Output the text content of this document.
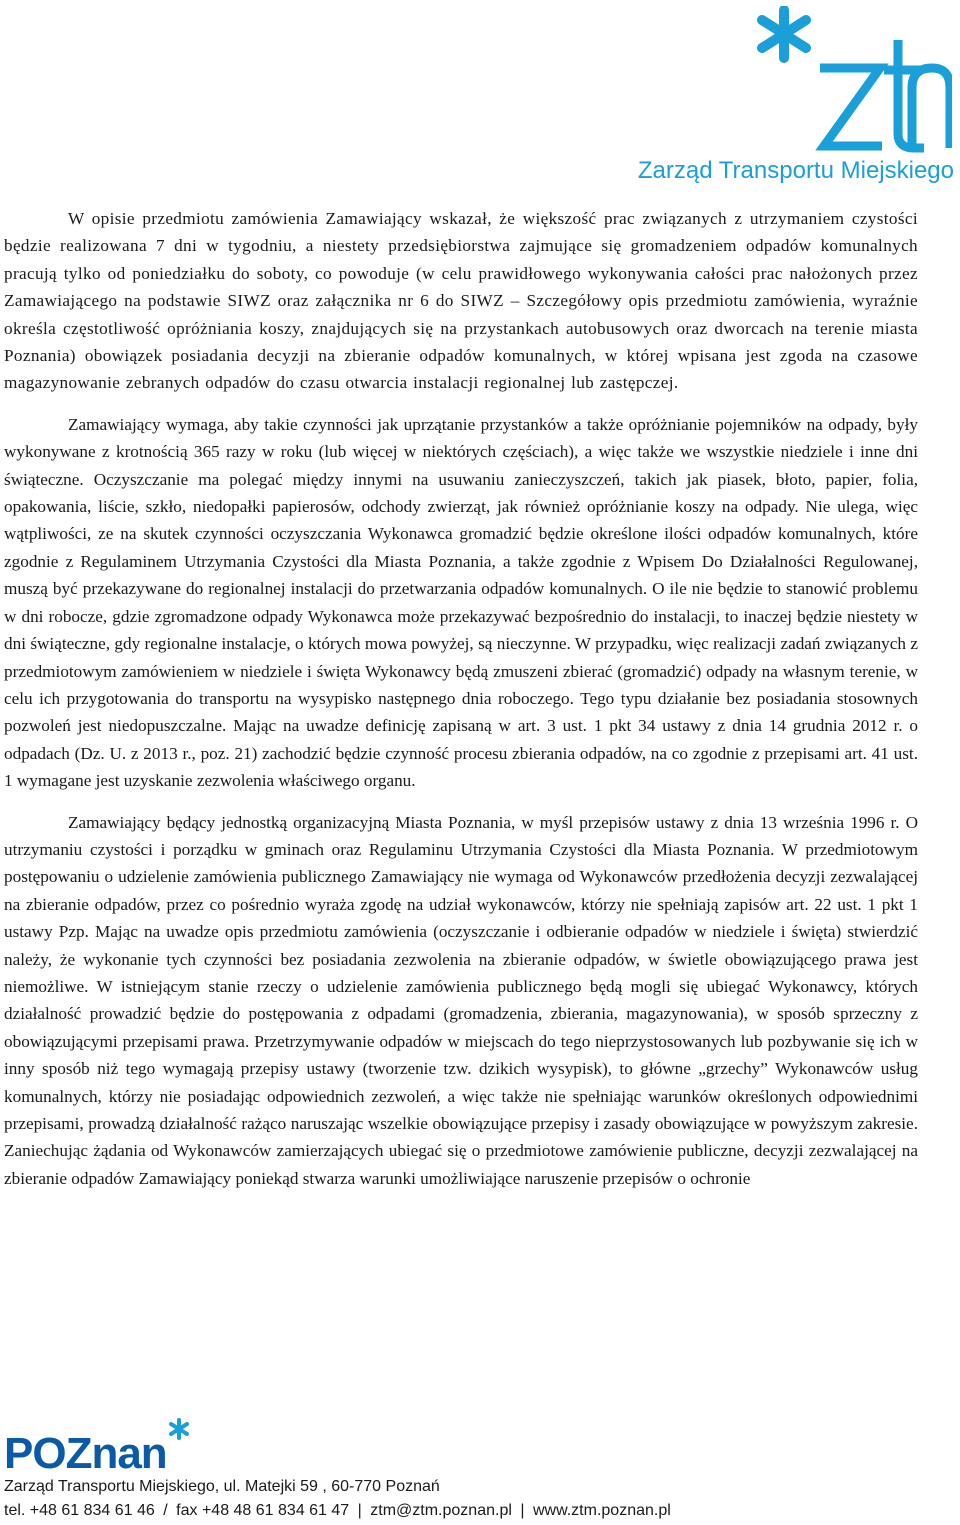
Zarząd Transportu Miejskiego

W opisie przedmiotu zamówienia Zamawiający wskazał, że większość prac związanych z utrzymaniem czystości będzie realizowana 7 dni w tygodniu, a niestety przedsiębiorstwa zajmujące się gromadzeniem odpadów komunalnych pracują tylko od poniedziałku do soboty, co powoduje (w celu prawidłowego wykonywania całości prac nałożonych przez Zamawiającego na podstawie SIWZ oraz załącznika nr 6 do SIWZ – Szczegółowy opis przedmiotu zamówienia, wyraźnie określa częstotliwość opróżniania koszy, znajdujących się na przystankach autobusowych oraz dworcach na terenie miasta Poznania) obowiązek posiadania decyzji na zbieranie odpadów komunalnych, w której wpisana jest zgoda na czasowe magazynowanie zebranych odpadów do czasu otwarcia instalacji regionalnej lub zastępczej.

Zamawiający wymaga, aby takie czynności jak uprzątanie przystanków a także opróżnianie pojemników na odpady, były wykonywane z krotnością 365 razy w roku (lub więcej w niektórych częściach), a więc także we wszystkie niedziele i inne dni świąteczne. Oczyszczanie ma polegać między innymi na usuwaniu zanieczyszczeń, takich jak piasek, błoto, papier, folia, opakowania, liście, szkło, niedopałki papierosów, odchody zwierząt, jak również opróżnianie koszy na odpady. Nie ulega, więc wątpliwości, ze na skutek czynności oczyszczania Wykonawca gromadzić będzie określone ilości odpadów komunalnych, które zgodnie z Regulaminem Utrzymania Czystości dla Miasta Poznania, a także zgodnie z Wpisem Do Działalności Regulowanej, muszą być przekazywane do regionalnej instalacji do przetwarzania odpadów komunalnych. O ile nie będzie to stanowić problemu w dni robocze, gdzie zgromadzone odpady Wykonawca może przekazywać bezpośrednio do instalacji, to inaczej będzie niestety w dni świąteczne, gdy regionalne instalacje, o których mowa powyżej, są nieczynne. W przypadku, więc realizacji zadań związanych z przedmiotowym zamówieniem w niedziele i święta Wykonawcy będą zmuszeni zbierać (gromadzić) odpady na własnym terenie, w celu ich przygotowania do transportu na wysypisko następnego dnia roboczego. Tego typu działanie bez posiadania stosownych pozwoleń jest niedopuszczalne. Mając na uwadze definicję zapisaną w art. 3 ust. 1 pkt 34 ustawy z dnia 14 grudnia 2012 r. o odpadach (Dz. U. z 2013 r., poz. 21) zachodzić będzie czynność procesu zbierania odpadów, na co zgodnie z przepisami art. 41 ust. 1 wymagane jest uzyskanie zezwolenia właściwego organu.

Zamawiający będący jednostką organizacyjną Miasta Poznania, w myśl przepisów ustawy z dnia 13 września 1996 r. O utrzymaniu czystości i porządku w gminach oraz Regulaminu Utrzymania Czystości dla Miasta Poznania. W przedmiotowym postępowaniu o udzielenie zamówienia publicznego Zamawiający nie wymaga od Wykonawców przedłożenia decyzji zezwalającej na zbieranie odpadów, przez co pośrednio wyraża zgodę na udział wykonawców, którzy nie spełniają zapisów art. 22 ust. 1 pkt 1 ustawy Pzp. Mając na uwadze opis przedmiotu zamówienia (oczyszczanie i odbieranie odpadów w niedziele i święta) stwierdzić należy, że wykonanie tych czynności bez posiadania zezwolenia na zbieranie odpadów, w świetle obowiązującego prawa jest niemożliwe. W istniejącym stanie rzeczy o udzielenie zamówienia publicznego będą mogli się ubiegać Wykonawcy, których działalność prowadzić będzie do postępowania z odpadami (gromadzenia, zbierania, magazynowania), w sposób sprzeczny z obowiązującymi przepisami prawa. Przetrzymywanie odpadów w miejscach do tego nieprzystosowanych lub pozbywanie się ich w inny sposób niż tego wymagają przepisy ustawy (tworzenie tzw. dzikich wysypisk), to główne „grzechy” Wykonawców usług komunalnych, którzy nie posiadając odpowiednich zezwoleń, a więc także nie spełniając warunków określonych odpowiednimi przepisami, prowadzą działalność rażąco naruszając wszelkie obowiązujące przepisy i zasady obowiązujące w powyższym zakresie. Zaniechując żądania od Wykonawców zamierzających ubiegać się o przedmiotowe zamówienie publiczne, decyzji zezwalającej na zbieranie odpadów Zamawiający poniekąd stwarza warunki umożliwiające naruszenie przepisów o ochronie

POZnan
Zarząd Transportu Miejskiego, ul. Matejki 59 , 60-770 Poznań
tel. +48 61 834 61 46 / fax +48 48 61 834 61 47 | ztm@ztm.poznan.pl | www.ztm.poznan.pl
